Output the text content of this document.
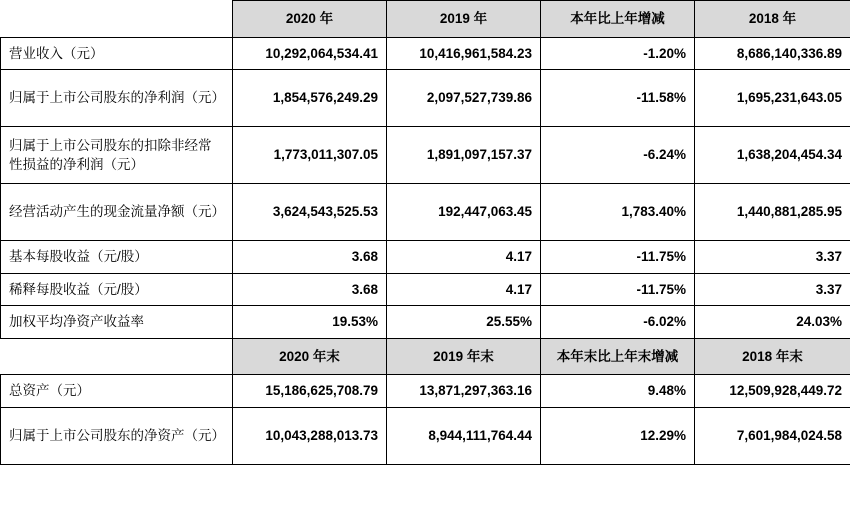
	2020 年	2019 年	本年比上年增减	2018 年
营业收入（元）	10,292,064,534.41	10,416,961,584.23	-1.20%	8,686,140,336.89
归属于上市公司股东的净利润（元）	1,854,576,249.29	2,097,527,739.86	-11.58%	1,695,231,643.05
归属于上市公司股东的扣除非经常性损益的净利润（元）	1,773,011,307.05	1,891,097,157.37	-6.24%	1,638,204,454.34
经营活动产生的现金流量净额（元）	3,624,543,525.53	192,447,063.45	1,783.40%	1,440,881,285.95
基本每股收益（元/股）	3.68	4.17	-11.75%	3.37
稀释每股收益（元/股）	3.68	4.17	-11.75%	3.37
加权平均净资产收益率	19.53%	25.55%	-6.02%	24.03%
	2020 年末	2019 年末	本年末比上年末增减	2018 年末
总资产（元）	15,186,625,708.79	13,871,297,363.16	9.48%	12,509,928,449.72
归属于上市公司股东的净资产（元）	10,043,288,013.73	8,944,111,764.44	12.29%	7,601,984,024.58
